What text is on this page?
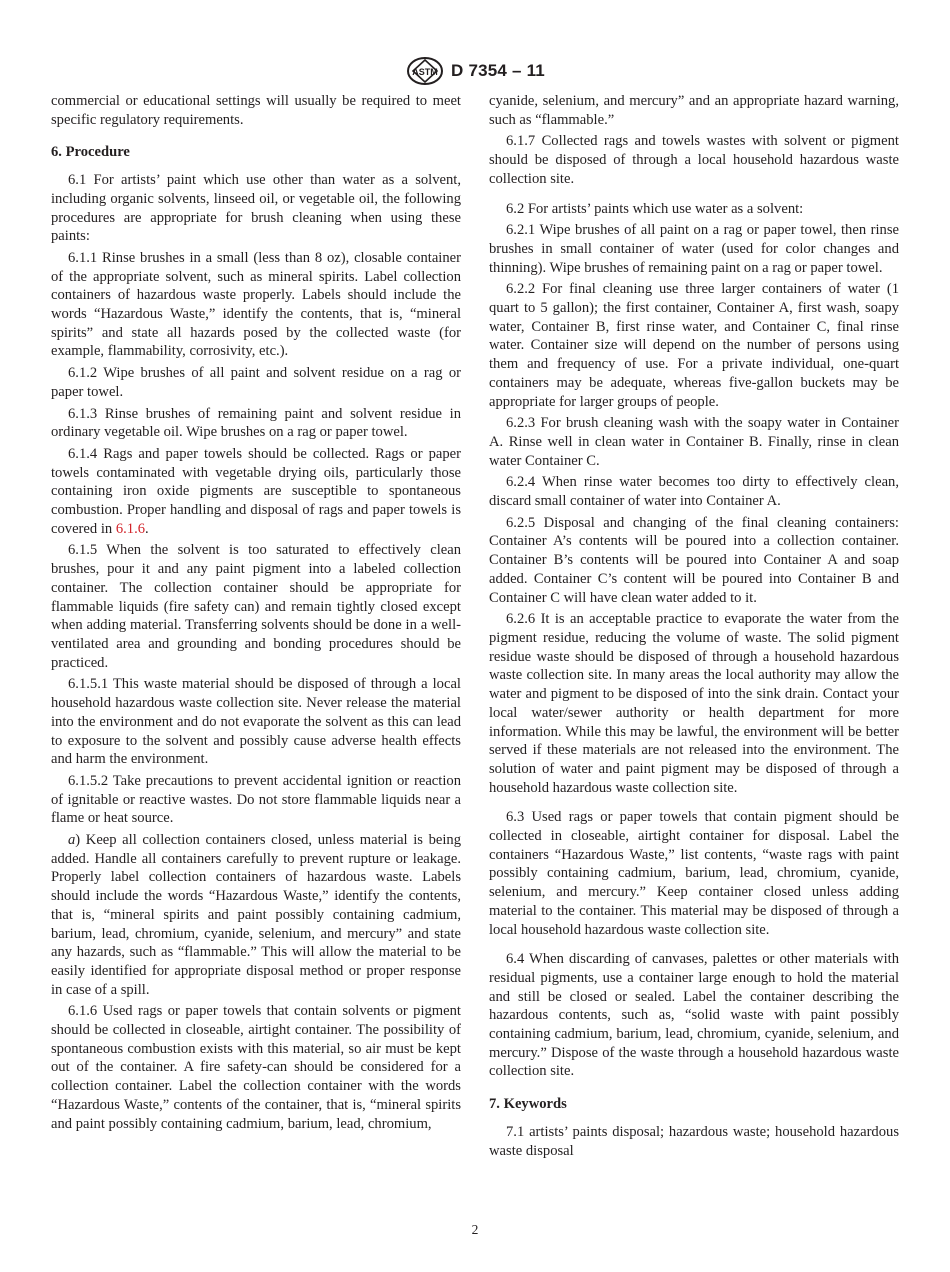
ASTM D 7354 – 11

commercial or educational settings will usually be required to meet specific regulatory requirements.

6. Procedure

6.1 For artists’ paint which use other than water as a solvent, including organic solvents, linseed oil, or vegetable oil, the following procedures are appropriate for brush cleaning when using these paints:

6.1.1 Rinse brushes in a small (less than 8 oz), closable container of the appropriate solvent, such as mineral spirits. Label collection containers of hazardous waste properly. Labels should include the words “Hazardous Waste,” identify the contents, that is, “mineral spirits” and state all hazards posed by the collected waste (for example, flammability, corrosivity, etc.).

6.1.2 Wipe brushes of all paint and solvent residue on a rag or paper towel.

6.1.3 Rinse brushes of remaining paint and solvent residue in ordinary vegetable oil. Wipe brushes on a rag or paper towel.

6.1.4 Rags and paper towels should be collected. Rags or paper towels contaminated with vegetable drying oils, particularly those containing iron oxide pigments are susceptible to spontaneous combustion. Proper handling and disposal of rags and paper towels is covered in 6.1.6.

6.1.5 When the solvent is too saturated to effectively clean brushes, pour it and any paint pigment into a labeled collection container. The collection container should be appropriate for flammable liquids (fire safety can) and remain tightly closed except when adding material. Transferring solvents should be done in a well-ventilated area and grounding and bonding procedures should be practiced.

6.1.5.1 This waste material should be disposed of through a local household hazardous waste collection site. Never release the material into the environment and do not evaporate the solvent as this can lead to exposure to the solvent and possibly cause adverse health effects and harm the environment.

6.1.5.2 Take precautions to prevent accidental ignition or reaction of ignitable or reactive wastes. Do not store flammable liquids near a flame or heat source.

a) Keep all collection containers closed, unless material is being added. Handle all containers carefully to prevent rupture or leakage. Properly label collection containers of hazardous waste. Labels should include the words “Hazardous Waste,” identify the contents, that is, “mineral spirits and paint possibly containing cadmium, barium, lead, chromium, cyanide, selenium, and mercury” and state any hazards, such as “flammable.” This will allow the material to be easily identified for appropriate disposal method or proper response in case of a spill.

6.1.6 Used rags or paper towels that contain solvents or pigment should be collected in closeable, airtight container. The possibility of spontaneous combustion exists with this material, so air must be kept out of the container. A fire safety-can should be considered for a collection container. Label the collection container with the words “Hazardous Waste,” contents of the container, that is, “mineral spirits and paint possibly containing cadmium, barium, lead, chromium,

cyanide, selenium, and mercury” and an appropriate hazard warning, such as “flammable.”

6.1.7 Collected rags and towels wastes with solvent or pigment should be disposed of through a local household hazardous waste collection site.

6.2 For artists’ paints which use water as a solvent:

6.2.1 Wipe brushes of all paint on a rag or paper towel, then rinse brushes in small container of water (used for color changes and thinning). Wipe brushes of remaining paint on a rag or paper towel.

6.2.2 For final cleaning use three larger containers of water (1 quart to 5 gallon); the first container, Container A, first wash, soapy water, Container B, first rinse water, and Container C, final rinse water. Container size will depend on the number of persons using them and frequency of use. For a private individual, one-quart containers may be adequate, whereas five-gallon buckets may be appropriate for larger groups of people.

6.2.3 For brush cleaning wash with the soapy water in Container A. Rinse well in clean water in Container B. Finally, rinse in clean water Container C.

6.2.4 When rinse water becomes too dirty to effectively clean, discard small container of water into Container A.

6.2.5 Disposal and changing of the final cleaning containers: Container A’s contents will be poured into a collection container. Container B’s contents will be poured into Container A and soap added. Container C’s content will be poured into Container B and Container C will have clean water added to it.

6.2.6 It is an acceptable practice to evaporate the water from the pigment residue, reducing the volume of waste. The solid pigment residue waste should be disposed of through a household hazardous waste collection site. In many areas the local authority may allow the water and pigment to be disposed of into the sink drain. Contact your local water/sewer authority or health department for more information. While this may be lawful, the environment will be better served if these materials are not released into the environment. The solution of water and paint pigment may be disposed of through a household hazardous waste collection site.

6.3 Used rags or paper towels that contain pigment should be collected in closeable, airtight container for disposal. Label the containers “Hazardous Waste,” list contents, “waste rags with paint possibly containing cadmium, barium, lead, chromium, cyanide, selenium, and mercury.” Keep container closed unless adding material to the container. This material may be disposed of through a local household hazardous waste collection site.

6.4 When discarding of canvases, palettes or other materials with residual pigments, use a container large enough to hold the material and still be closed or sealed. Label the container describing the hazardous contents, such as, “solid waste with paint possibly containing cadmium, barium, lead, chromium, cyanide, selenium, and mercury.” Dispose of the waste through a household hazardous waste collection site.

7. Keywords

7.1 artists’ paints disposal; hazardous waste; household hazardous waste disposal

2
